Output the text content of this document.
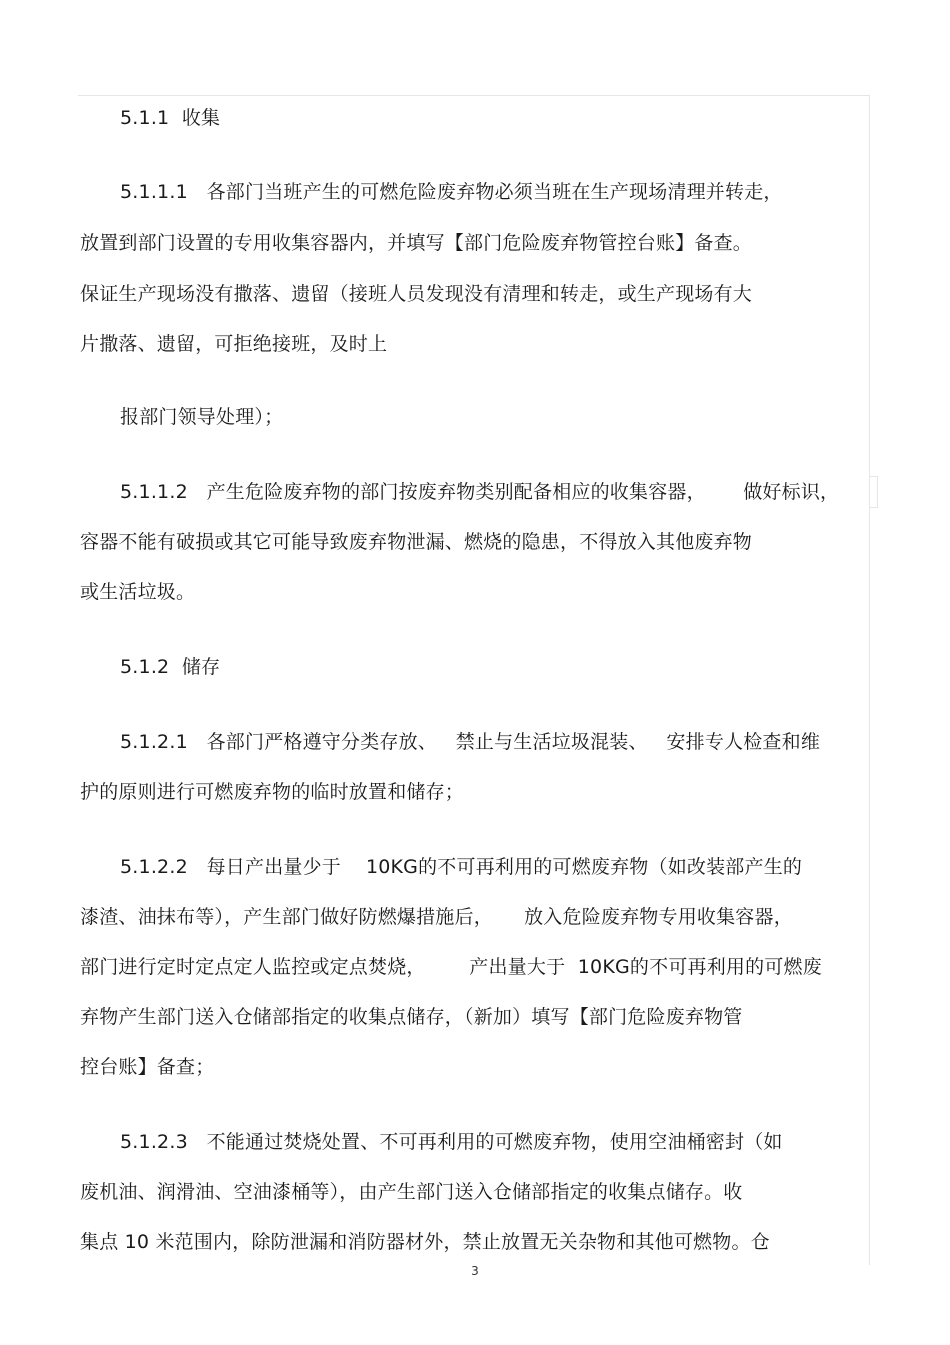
5.1.1  收集
5.1.1.1   各部门当班产生的可燃危险废弃物必须当班在生产现场清理并转走，
放置到部门设置的专用收集容器内，并填写【部门危险废弃物管控台账】备查。
保证生产现场没有撒落、遗留（接班人员发现没有清理和转走，或生产现场有大
片撒落、遗留，可拒绝接班，及时上
报部门领导处理）；
5.1.1.2   产生危险废弃物的部门按废弃物类别配备相应的收集容器，      做好标识，
容器不能有破损或其它可能导致废弃物泄漏、燃烧的隐患，不得放入其他废弃物
或生活垃圾。
5.1.2  储存
5.1.2.1   各部门严格遵守分类存放、   禁止与生活垃圾混装、   安排专人检查和维
护的原则进行可燃废弃物的临时放置和储存；
5.1.2.2   每日产出量少于    10KG的不可再利用的可燃废弃物（如改装部产生的
漆渣、油抹布等），产生部门做好防燃爆措施后，     放入危险废弃物专用收集容器，
部门进行定时定点定人监控或定点焚烧，       产出量大于  10KG的不可再利用的可燃废
弃物产生部门送入仓储部指定的收集点储存，（新加）填写【部门危险废弃物管
控台账】备查；
5.1.2.3   不能通过焚烧处置、不可再利用的可燃废弃物，使用空油桶密封（如
废机油、润滑油、空油漆桶等），由产生部门送入仓储部指定的收集点储存。收
集点 10 米范围内，除防泄漏和消防器材外，禁止放置无关杂物和其他可燃物。仓
3
